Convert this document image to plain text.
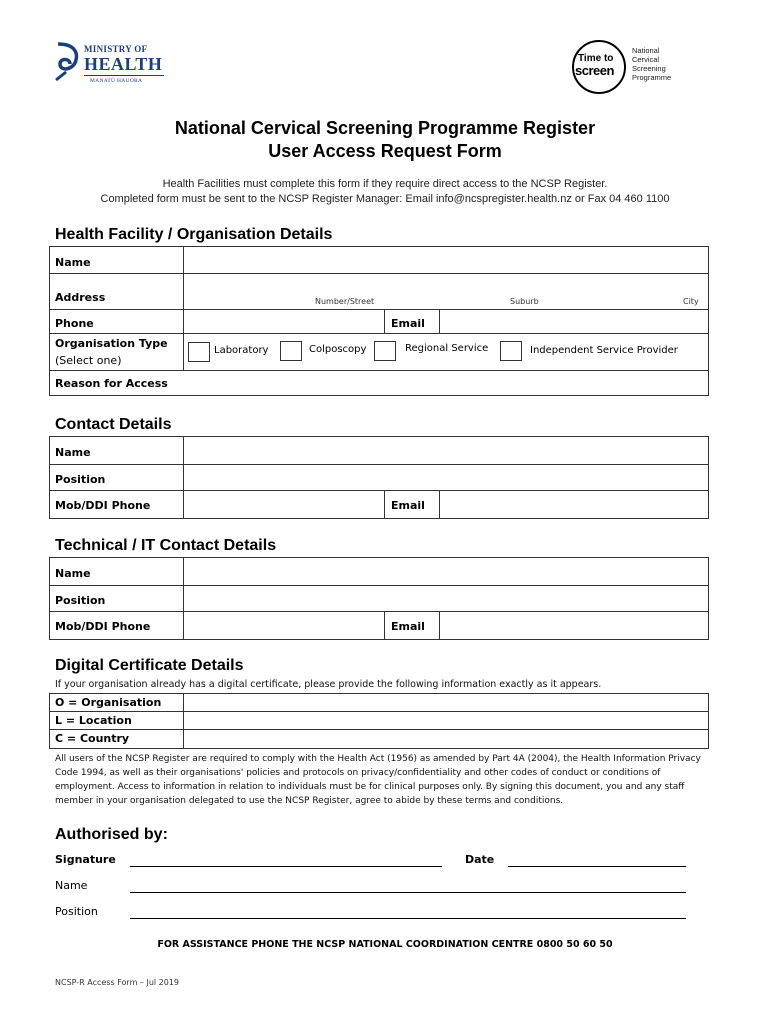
MINISTRY OF
HEALTH
MANATŪ HAUORA
Time to
screen
National
Cervical
Screening
Programme
National Cervical Screening Programme Register
User Access Request Form
Health Facilities must complete this form if they require direct access to the NCSP Register.
Completed form must be sent to the NCSP Register Manager: Email info@ncspregister.health.nz or Fax 04 460 1100
Health Facility / Organisation Details
Name
Address	Number/Street	Suburb	City
Phone	Email
Organisation Type
(Select one)
Laboratory	Colposcopy	Regional Service	Independent Service Provider
Reason for Access
Contact Details
Name
Position
Mob/DDI Phone	Email
Technical / IT Contact Details
Name
Position
Mob/DDI Phone	Email
Digital Certificate Details
If your organisation already has a digital certificate, please provide the following information exactly as it appears.
O = Organisation
L = Location
C = Country
All users of the NCSP Register are required to comply with the Health Act (1956) as amended by Part 4A (2004), the Health Information Privacy Code 1994, as well as their organisations' policies and protocols on privacy/confidentiality and other codes of conduct or conditions of employment. Access to information in relation to individuals must be for clinical purposes only. By signing this document, you and any staff member in your organisation delegated to use the NCSP Register, agree to abide by these terms and conditions.
Authorised by:
Signature	Date
Name
Position
FOR ASSISTANCE PHONE THE NCSP NATIONAL COORDINATION CENTRE 0800 50 60 50
NCSP-R Access Form – Jul 2019
